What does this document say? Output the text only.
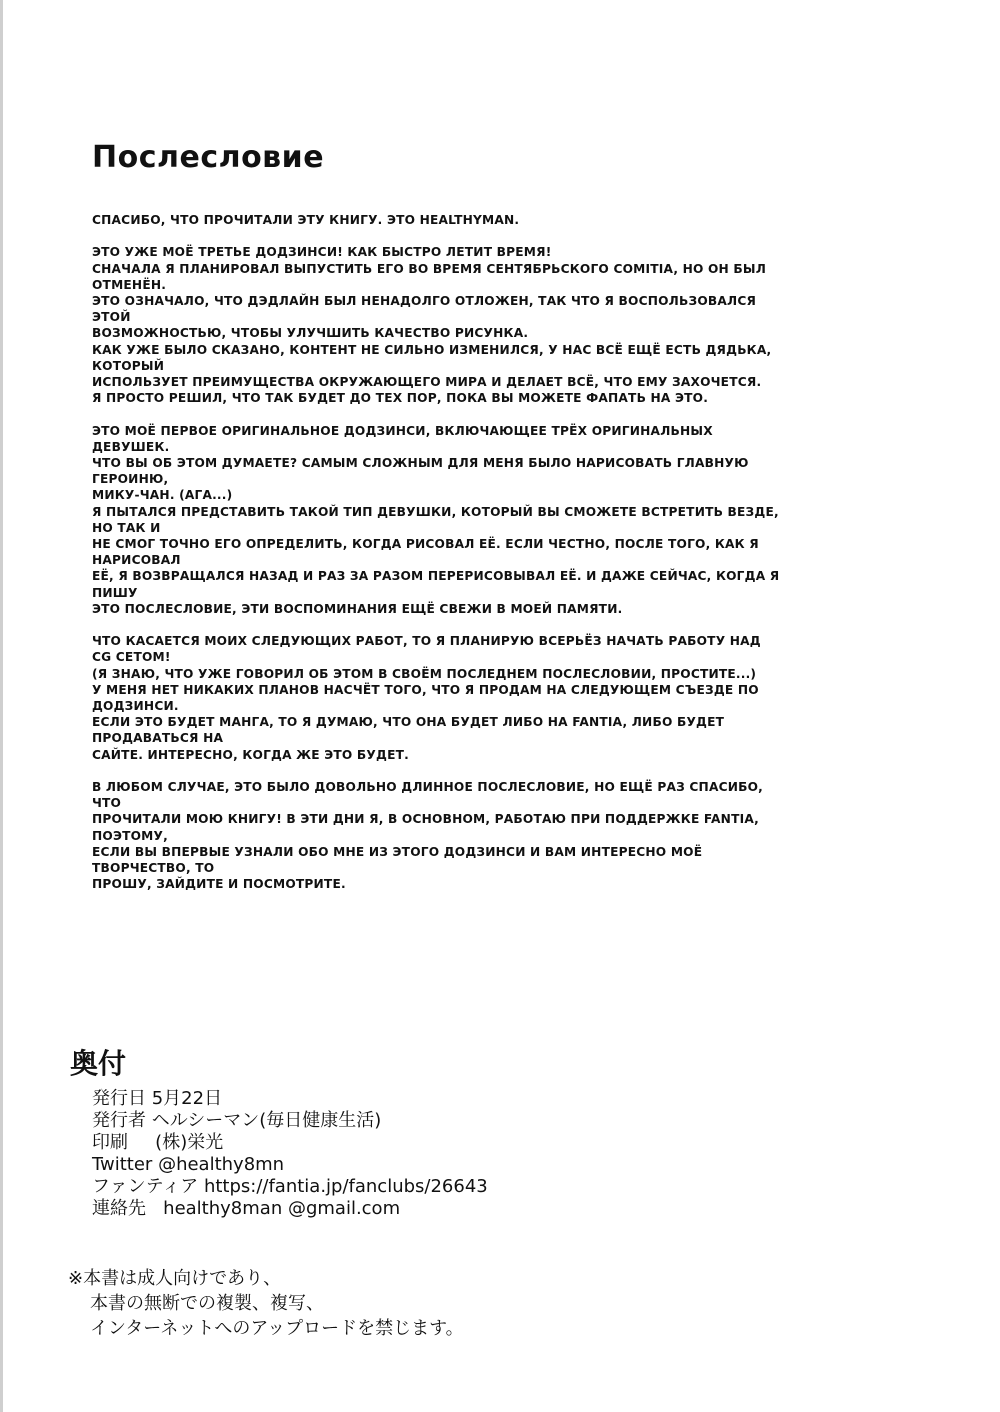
Послесловие

СПАСИБО, ЧТО ПРОЧИТАЛИ ЭТУ КНИГУ. ЭТО HEALTHYMAN.

ЭТО УЖЕ МОЁ ТРЕТЬЕ ДОДЗИНСИ! КАК БЫСТРО ЛЕТИТ ВРЕМЯ!
СНАЧАЛА Я ПЛАНИРОВАЛ ВЫПУСТИТЬ ЕГО ВО ВРЕМЯ СЕНТЯБРЬСКОГО COMITIA, НО ОН БЫЛ ОТМЕНЁН.
ЭТО ОЗНАЧАЛО, ЧТО ДЭДЛАЙН БЫЛ НЕНАДОЛГО ОТЛОЖЕН, ТАК ЧТО Я ВОСПОЛЬЗОВАЛСЯ ЭТОЙ
ВОЗМОЖНОСТЬЮ, ЧТОБЫ УЛУЧШИТЬ КАЧЕСТВО РИСУНКА.
КАК УЖЕ БЫЛО СКАЗАНО, КОНТЕНТ НЕ СИЛЬНО ИЗМЕНИЛСЯ, У НАС ВСЁ ЕЩЁ ЕСТЬ ДЯДЬКА, КОТОРЫЙ
ИСПОЛЬЗУЕТ ПРЕИМУЩЕСТВА ОКРУЖАЮЩЕГО МИРА И ДЕЛАЕТ ВСЁ, ЧТО ЕМУ ЗАХОЧЕТСЯ.
Я ПРОСТО РЕШИЛ, ЧТО ТАК БУДЕТ ДО ТЕХ ПОР, ПОКА ВЫ МОЖЕТЕ ФАПАТЬ НА ЭТО.

ЭТО МОЁ ПЕРВОЕ ОРИГИНАЛЬНОЕ ДОДЗИНСИ, ВКЛЮЧАЮЩЕЕ ТРЁХ ОРИГИНАЛЬНЫХ ДЕВУШЕК.
ЧТО ВЫ ОБ ЭТОМ ДУМАЕТЕ? САМЫМ СЛОЖНЫМ ДЛЯ МЕНЯ БЫЛО НАРИСОВАТЬ ГЛАВНУЮ ГЕРОИНЮ,
МИКУ-ЧАН. (АГА...)
Я ПЫТАЛСЯ ПРЕДСТАВИТЬ ТАКОЙ ТИП ДЕВУШКИ, КОТОРЫЙ ВЫ СМОЖЕТЕ ВСТРЕТИТЬ ВЕЗДЕ, НО ТАК И
НЕ СМОГ ТОЧНО ЕГО ОПРЕДЕЛИТЬ, КОГДА РИСОВАЛ ЕЁ. ЕСЛИ ЧЕСТНО, ПОСЛЕ ТОГО, КАК Я НАРИСОВАЛ
ЕЁ, Я ВОЗВРАЩАЛСЯ НАЗАД И РАЗ ЗА РАЗОМ ПЕРЕРИСОВЫВАЛ ЕЁ. И ДАЖЕ СЕЙЧАС, КОГДА Я ПИШУ
ЭТО ПОСЛЕСЛОВИЕ, ЭТИ ВОСПОМИНАНИЯ ЕЩЁ СВЕЖИ В МОЕЙ ПАМЯТИ.

ЧТО КАСАЕТСЯ МОИХ СЛЕДУЮЩИХ РАБОТ, ТО Я ПЛАНИРУЮ ВСЕРЬЁЗ НАЧАТЬ РАБОТУ НАД CG СЕТОМ!
(Я ЗНАЮ, ЧТО УЖЕ ГОВОРИЛ ОБ ЭТОМ В СВОЁМ ПОСЛЕДНЕМ ПОСЛЕСЛОВИИ, ПРОСТИТЕ...)
У МЕНЯ НЕТ НИКАКИХ ПЛАНОВ НАСЧЁТ ТОГО, ЧТО Я ПРОДАМ НА СЛЕДУЮЩЕМ СЪЕЗДЕ ПО ДОДЗИНСИ.
ЕСЛИ ЭТО БУДЕТ МАНГА, ТО Я ДУМАЮ, ЧТО ОНА БУДЕТ ЛИБО НА FANTIA, ЛИБО БУДЕТ ПРОДАВАТЬСЯ НА
САЙТЕ. ИНТЕРЕСНО, КОГДА ЖЕ ЭТО БУДЕТ.

В ЛЮБОМ СЛУЧАЕ, ЭТО БЫЛО ДОВОЛЬНО ДЛИННОЕ ПОСЛЕСЛОВИЕ, НО ЕЩЁ РАЗ СПАСИБО, ЧТО
ПРОЧИТАЛИ МОЮ КНИГУ! В ЭТИ ДНИ Я, В ОСНОВНОМ, РАБОТАЮ ПРИ ПОДДЕРЖКЕ FANTIA, ПОЭТОМУ,
ЕСЛИ ВЫ ВПЕРВЫЕ УЗНАЛИ ОБО МНЕ ИЗ ЭТОГО ДОДЗИНСИ И ВАМ ИНТЕРЕСНО МОЁ ТВОРЧЕСТВО, ТО
ПРОШУ, ЗАЙДИТЕ И ПОСМОТРИТЕ.

奥付
発行日 5月22日
発行者 ヘルシーマン(毎日健康生活)
印刷 (株)栄光
Twitter @healthy8mn
ファンティア https://fantia.jp/fanclubs/26643
連絡先 healthy8man @gmail.com
※本書は成人向けであり、
本書の無断での複製、複写、
インターネットへのアップロードを禁じます。
